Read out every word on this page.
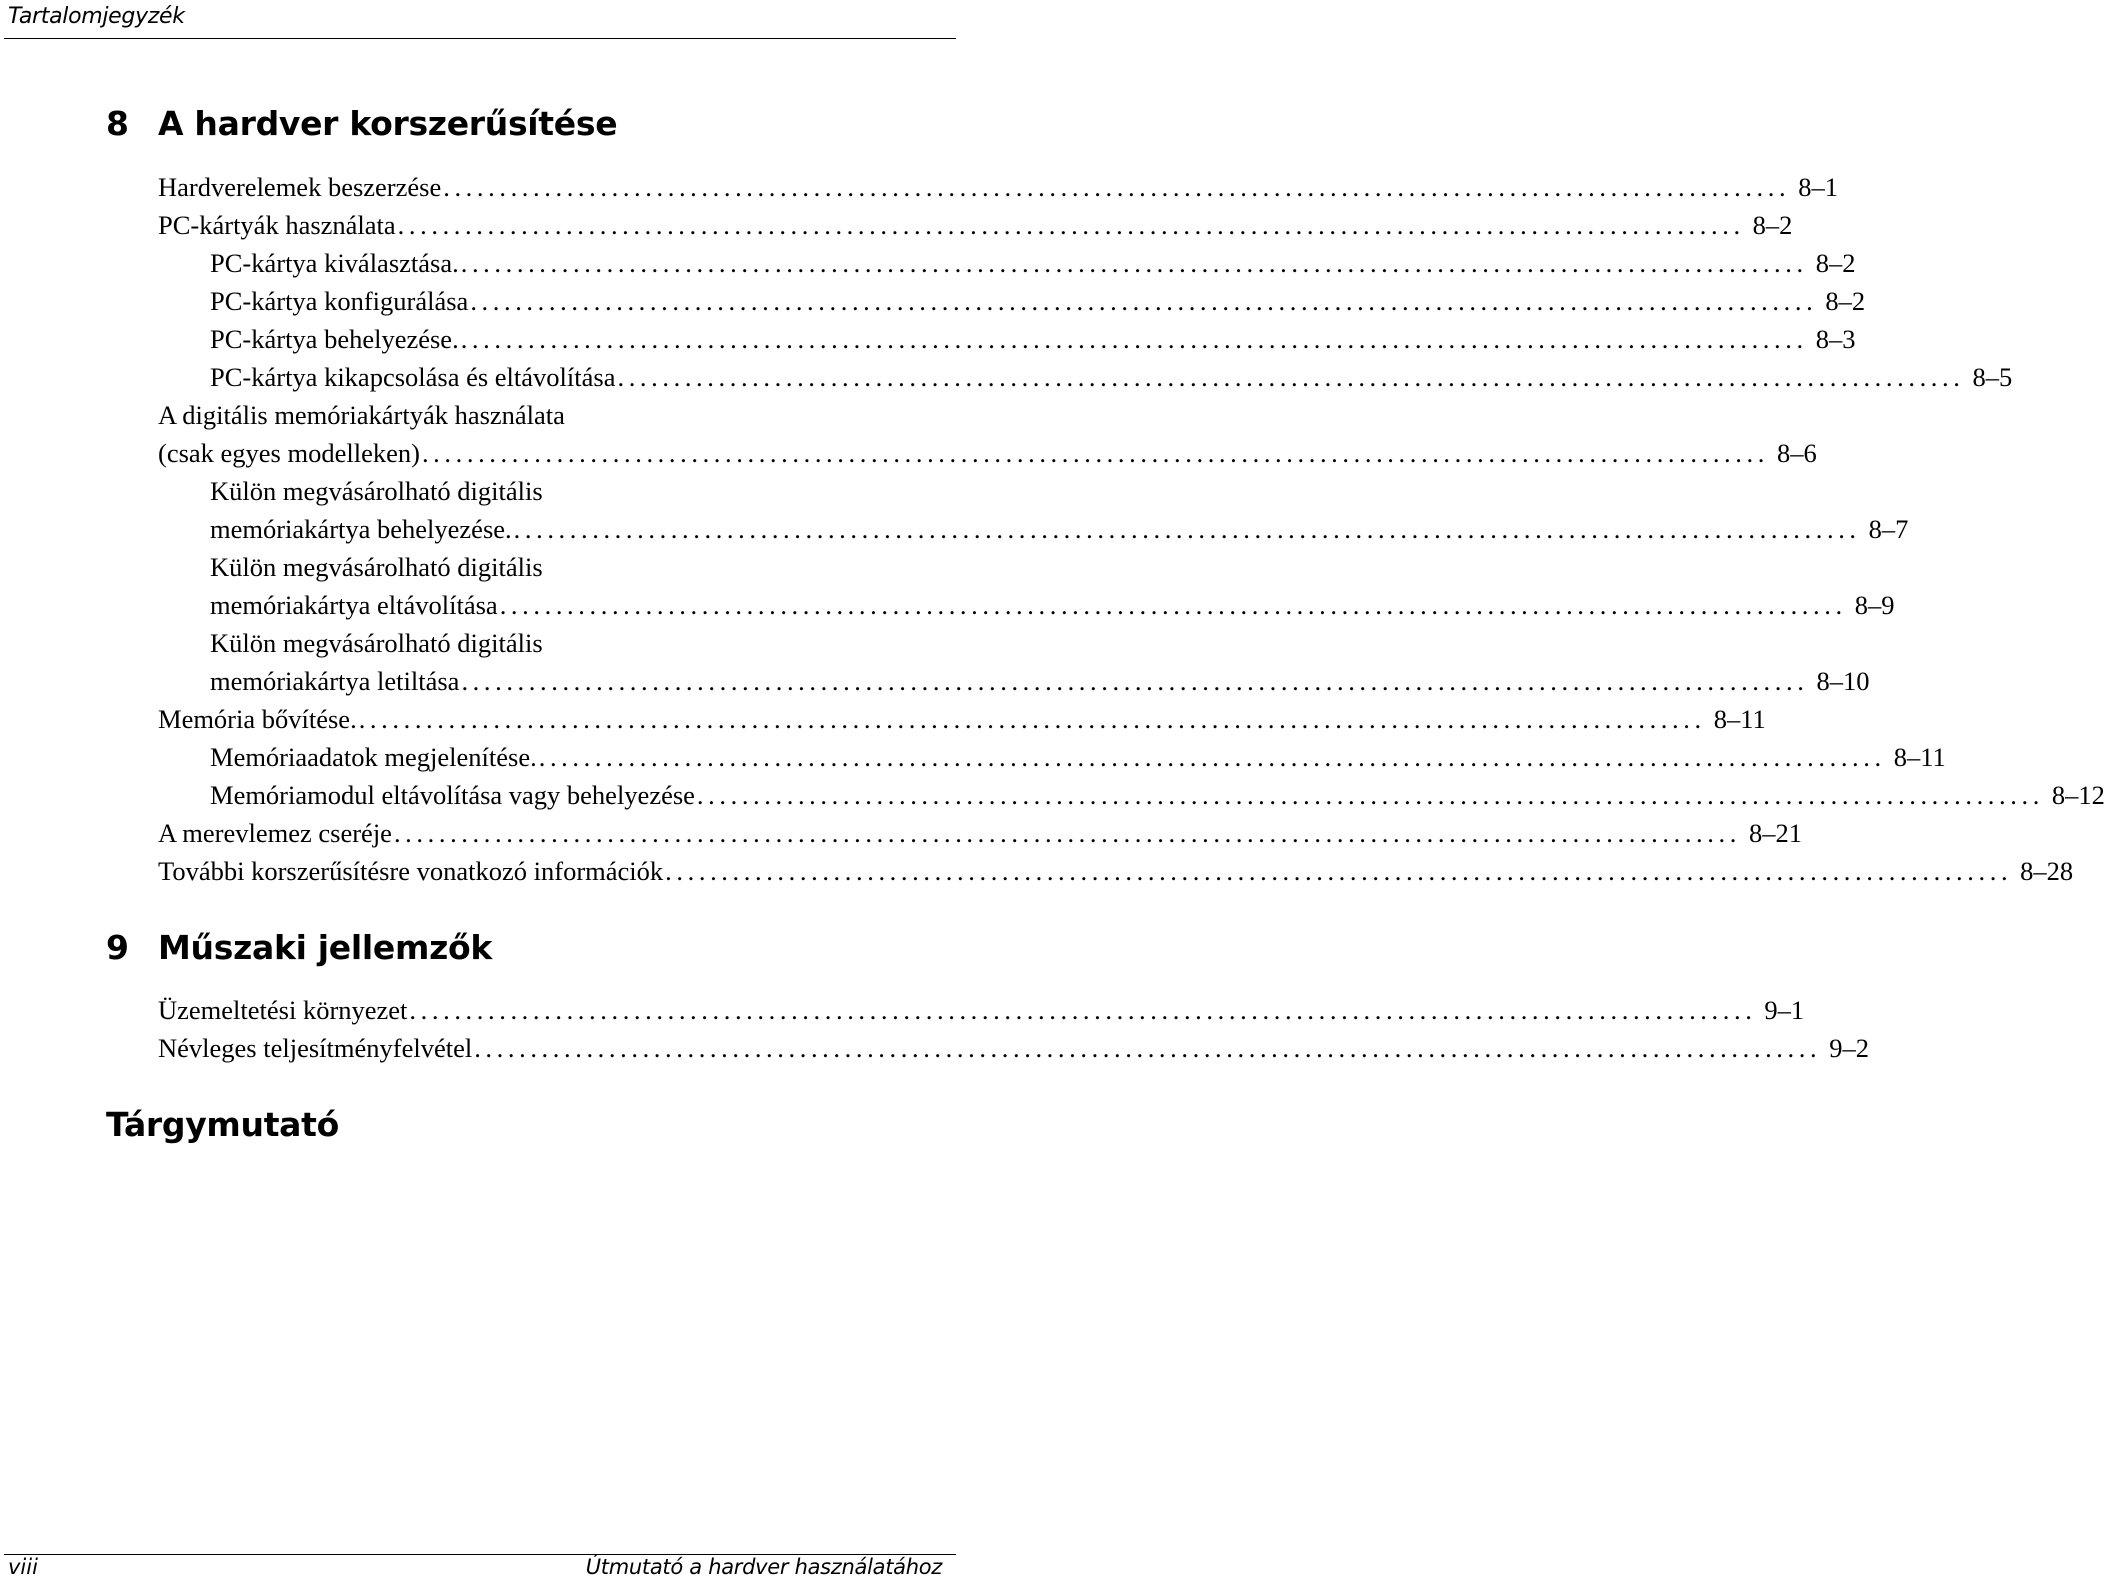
Tartalomjegyzék
8 A hardver korszerűsítése
Hardverelemek beszerzése ........................................................................................................................ 8–1
PC-kártyák használata ........................................................................................................................ 8–2
PC-kártya kiválasztása. ........................................................................................................................ 8–2
PC-kártya konfigurálása ........................................................................................................................ 8–2
PC-kártya behelyezése. ........................................................................................................................ 8–3
PC-kártya kikapcsolása és eltávolítása ........................................................................................................................ 8–5
A digitális memóriakártyák használata
(csak egyes modelleken) ........................................................................................................................ 8–6
Külön megvásárolható digitális
memóriakártya behelyezése. ........................................................................................................................ 8–7
Külön megvásárolható digitális
memóriakártya eltávolítása ........................................................................................................................ 8–9
Külön megvásárolható digitális
memóriakártya letiltása ........................................................................................................................ 8–10
Memória bővítése. ........................................................................................................................ 8–11
Memóriaadatok megjelenítése. ........................................................................................................................ 8–11
Memóriamodul eltávolítása vagy behelyezése ........................................................................................................................ 8–12
A merevlemez cseréje ........................................................................................................................ 8–21
További korszerűsítésre vonatkozó információk ........................................................................................................................ 8–28
9 Műszaki jellemzők
Üzemeltetési környezet ........................................................................................................................ 9–1
Névleges teljesítményfelvétel ........................................................................................................................ 9–2
Tárgymutató
viii	Útmutató a hardver használatához
